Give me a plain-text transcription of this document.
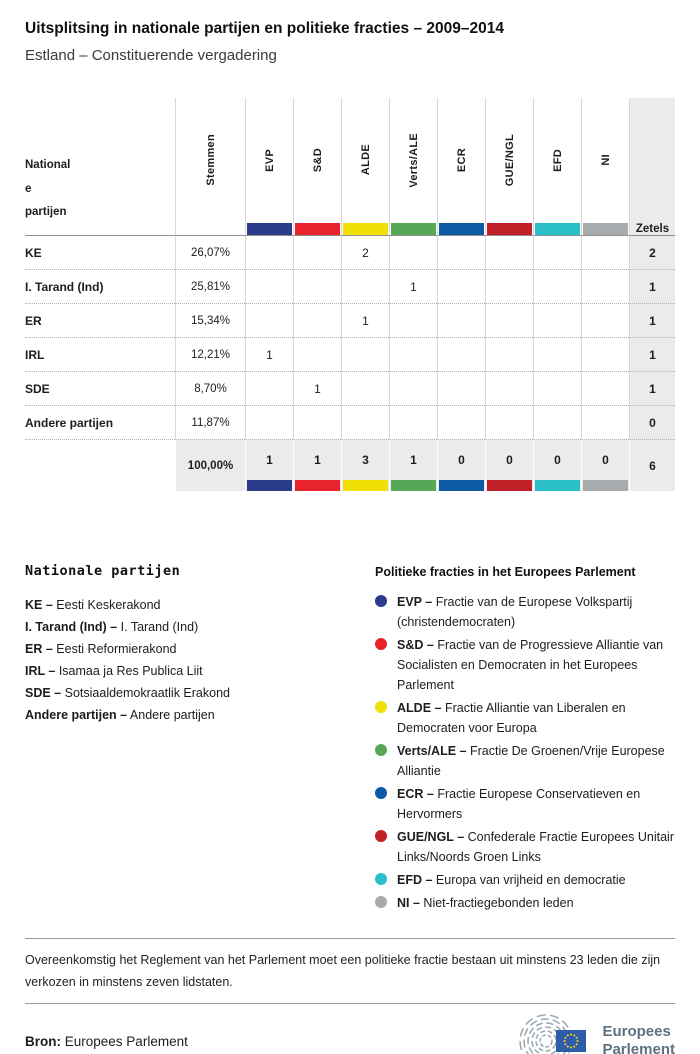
Uitsplitsing in nationale partijen en politieke fracties – 2009–2014
Estland – Constituerende vergadering
Nationale partijen	Stemmen	EVP	S&D	ALDE	Verts/ALE	ECR	GUE/NGL	EFD	NI	Zetels
KE	26,07%			2						2
I. Tarand (Ind)	25,81%				1					1
ER	15,34%			1						1
IRL	12,21%	1								1
SDE	8,70%		1							1
Andere partijen	11,87%									0
	100,00%	1	1	3	1	0	0	0	0	6
Nationale partijen
KE – Eesti Keskerakond
I. Tarand (Ind) – I. Tarand (Ind)
ER – Eesti Reformierakond
IRL – Isamaa ja Res Publica Liit
SDE – Sotsiaaldemokraatlik Erakond
Andere partijen – Andere partijen
Politieke fracties in het Europees Parlement
EVP – Fractie van de Europese Volkspartij (christendemocraten)
S&D – Fractie van de Progressieve Alliantie van Socialisten en Democraten in het Europees Parlement
ALDE – Fractie Alliantie van Liberalen en Democraten voor Europa
Verts/ALE – Fractie De Groenen/Vrije Europese Alliantie
ECR – Fractie Europese Conservatieven en Hervormers
GUE/NGL – Confederale Fractie Europees Unitair Links/Noords Groen Links
EFD – Europa van vrijheid en democratie
NI – Niet-fractiegebonden leden

Overeenkomstig het Reglement van het Parlement moet een politieke fractie bestaan uit minstens 23 leden die zijn verkozen in minstens zeven lidstaten.

Bron: Europees Parlement
Europees
Parlement
